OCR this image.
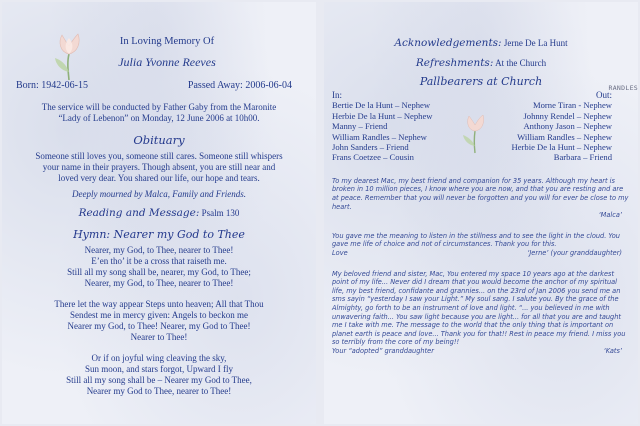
In Loving Memory Of
Julia Yvonne Reeves
Born: 1942-06-15	Passed Away: 2006-06-04

The service will be conducted by Father Gaby from the Maronite

“Lady of Lebenon” on Monday, 12 June 2006 at 10h00.

Obituary

Someone still loves you, someone still cares. Someone still whispers

your name in their prayers. Though absent, you are still near and

loved very dear. You shared our life, our hope and tears.

Deeply mourned by Malca, Family and Friends.
Reading and Message: Psalm 130
Hymn: Nearer my God to Thee

Nearer, my God, to Thee, nearer to Thee!

E’en tho’ it be a cross that raiseth me.

Still all my song shall be, nearer, my God, to Thee;

Nearer, my God, to Thee, nearer to Thee!

There let the way appear Steps unto heaven; All that Thou

Sendest me in mercy given: Angels to beckon me

Nearer my God, to Thee! Nearer, my God to Thee!

Nearer to Thee!

Or if on joyful wing cleaving the sky,

Sun moon, and stars forgot, Upward I fly

Still all my song shall be – Nearer my God to Thee,

Nearer my God to Thee, nearer to Thee!

Acknowledgements: Jerne De La Hunt
Refreshments: At the Church
Pallbearers at Church
In:
Bertie De la Hunt – Nephew
Herbie De la Hunt – Nephew
Manny – Friend
William Randles – Nephew
John Sanders – Friend
Frans Coetzee – Cousin
Out:
Morne Tiran - Nephew
Johnny Rendel – Nephew
Anthony Jason – Nephew
William Randles – Nephew
Herbie De la Hunt – Nephew
Barbara – Friend
RANDLES

To my dearest Mac, my best friend and companion for 35 years. Although my heart is broken in 10 million pieces, I know where you are now, and that you are resting and are at peace. Remember that you will never be forgotten and you will for ever be close to my heart.

‘Malca’

You gave me the meaning to listen in the stillness and to see the light in the cloud. You gave me life of choice and not of circumstances. Thank you for this.

Love	‘Jerne’ (your granddaughter)

My beloved friend and sister, Mac, You entered my space 10 years ago at the darkest point of my life... Never did I dream that you would become the anchor of my spiritual life, my best friend, confidante and grannies... on the 23rd of Jan 2006 you send me an sms sayin “yesterday I saw your Light.” My soul sang. I salute you. By the grace of the Almighty, go forth to be an instrument of love and light. “... you believed in me with unwavering faith... You saw light because you are light... for all that you are and taught me I take with me. The message to the world that the only thing that is important on planet earth is peace and love... Thank you for that!! Rest in peace my friend. I miss you so terribly from the core of my being!!

Your “adopted” granddaughter	‘Kats’
